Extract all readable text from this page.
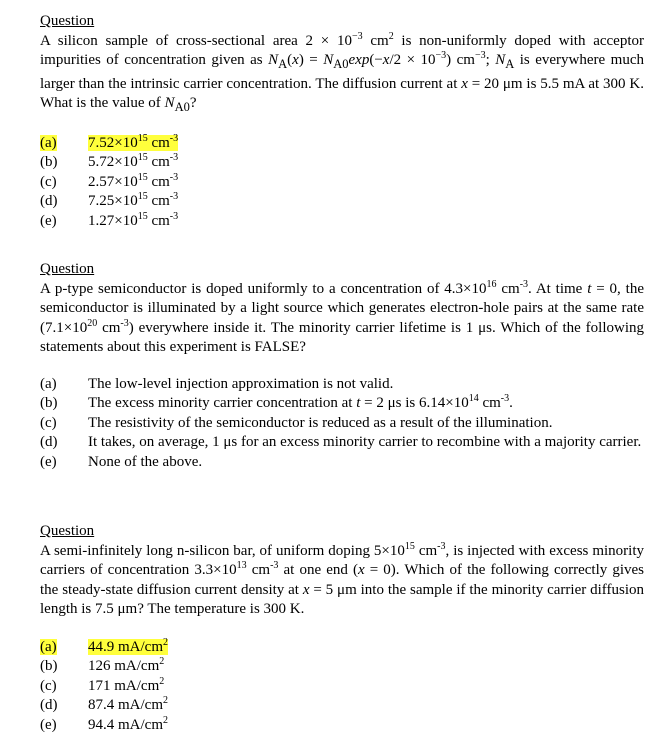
Question
A silicon sample of cross-sectional area $2 \times 10^{-3}$ $cm^2$ is non-uniformly doped with acceptor impurities of concentration given as $N_A(x) = N_{A0}\exp(-x/2 \times 10^{-3})$ $cm^{-3}$; $N_A$ is everywhere much larger than the intrinsic carrier concentration. The diffusion current at x = 20 μm is 5.5 mA at 300 K. What is the value of $N_{A0}$?
(a)	$7.52\times 10^{15}$ $cm^{-3}$
(b)	$5.72\times 10^{15}$ $cm^{-3}$
(c)	$2.57\times 10^{15}$ $cm^{-3}$
(d)	$7.25\times 10^{15}$ $cm^{-3}$
(e)	$1.27\times 10^{15}$ $cm^{-3}$
Question
A p-type semiconductor is doped uniformly to a concentration of $4.3\times 10^{16}$ $cm^{-3}$. At time t = 0, the semiconductor is illuminated by a light source which generates electron-hole pairs at the same rate ($7.1\times 10^{20}$ $cm^{-3}$) everywhere inside it. The minority carrier lifetime is 1 μs. Which of the following statements about this experiment is FALSE?
(a)	The low-level injection approximation is not valid.
(b)	The excess minority carrier concentration at t = 2 μs is $6.14\times 10^{14}$ $cm^{-3}$.
(c)	The resistivity of the semiconductor is reduced as a result of the illumination.
(d)	It takes, on average, 1 μs for an excess minority carrier to recombine with a majority carrier.
(e)	None of the above.
Question
A semi-infinitely long n-silicon bar, of uniform doping $5\times 10^{15}$ $cm^{-3}$, is injected with excess minority carriers of concentration $3.3\times 10^{13}$ $cm^{-3}$ at one end (x = 0). Which of the following correctly gives the steady-state diffusion current density at x = 5 μm into the sample if the minority carrier diffusion length is 7.5 μm? The temperature is 300 K.
(a)	44.9 $mA/cm^2$
(b)	126 $mA/cm^2$
(c)	171 $mA/cm^2$
(d)	87.4 $mA/cm^2$
(e)	94.4 $mA/cm^2$
